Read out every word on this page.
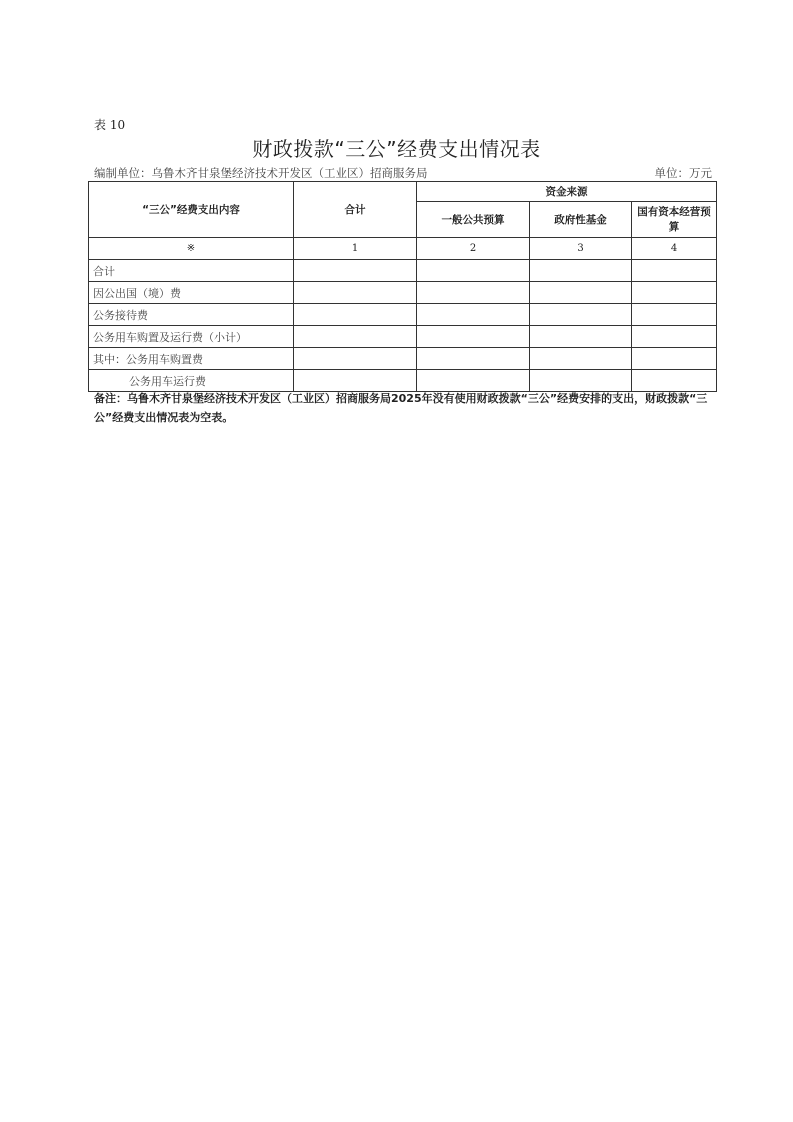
表 10
财政拨款“三公”经费支出情况表
编制单位： 乌鲁木齐甘泉堡经济技术开发区（工业区）招商服务局	单位： 万元
“三公”经费支出内容	合计	资金来源		
		一般公共预算	政府性基金	国有资本经营预算
※	1	2	3	4
合计				
因公出国（境）费				
公务接待费				
公务用车购置及运行费（小计）				
其中：公务用车购置费				
公务用车运行费				
备注：乌鲁木齐甘泉堡经济技术开发区（工业区）招商服务局2025年没有使用财政拨款“三公”经费安排的支出，财政拨款“三公”经费支出情况表为空表。
